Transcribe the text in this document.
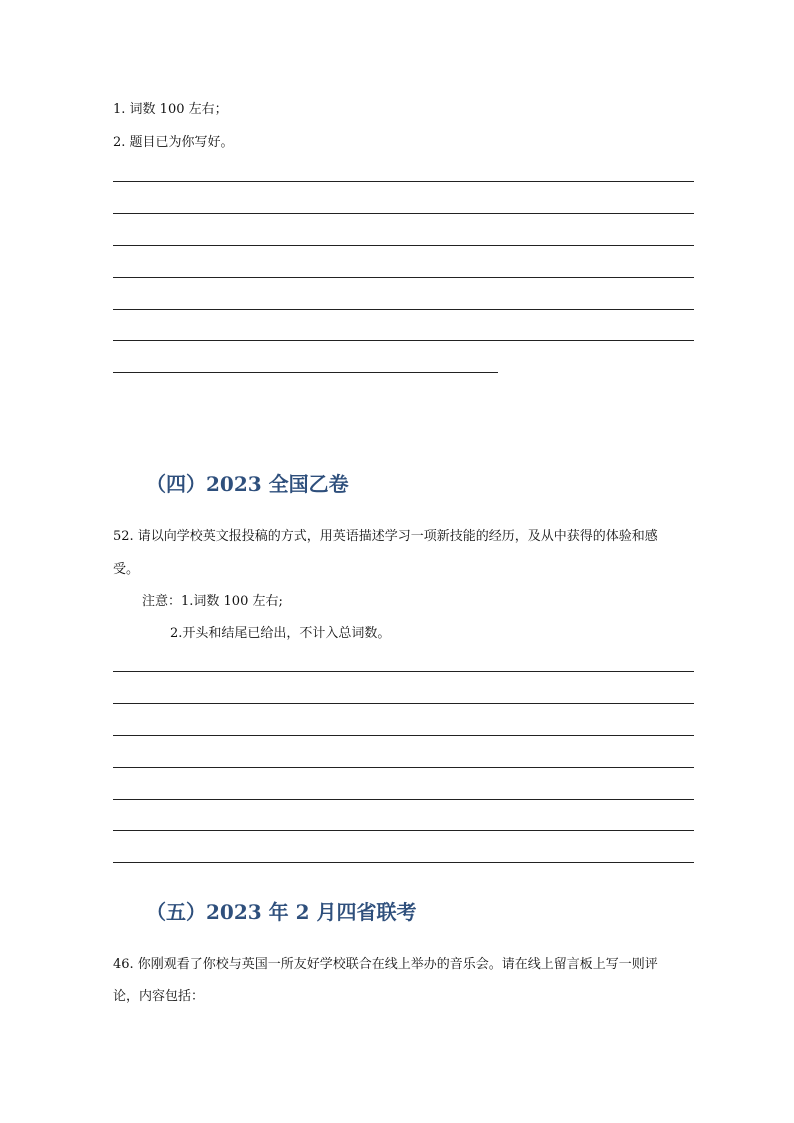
1. 词数 100 左右；
2. 题目已为你写好。
（四）2023 全国乙卷
52. 请以向学校英文报投稿的方式，用英语描述学习一项新技能的经历，及从中获得的体验和感
受。
注意：1.词数 100 左右;
2.开头和结尾已给出，不计入总词数。
（五）2023 年 2 月四省联考
46. 你刚观看了你校与英国一所友好学校联合在线上举办的音乐会。请在线上留言板上写一则评
论，内容包括：
